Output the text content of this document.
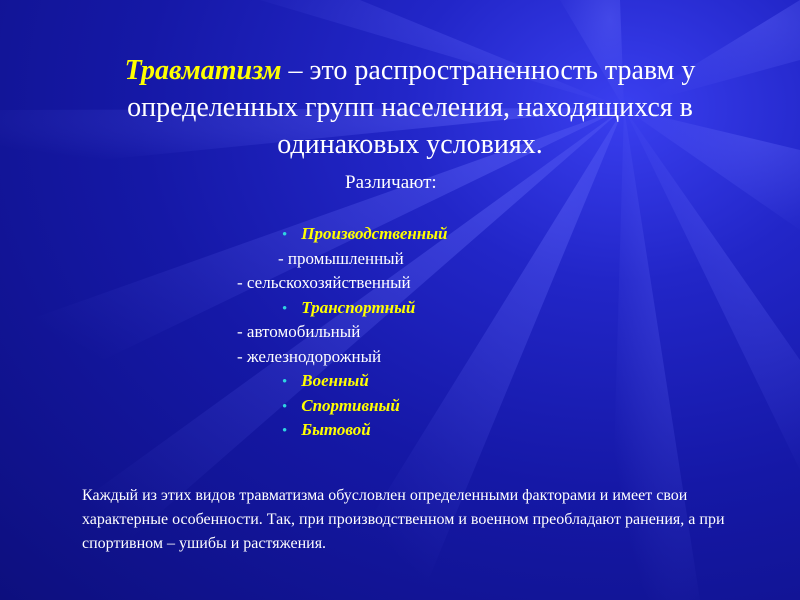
Травматизм – это распространенность травм у определенных групп населения, находящихся в одинаковых условиях.

Различают:

• Производственный
- промышленный
- сельскохозяйственный
• Транспортный
- автомобильный
- железнодорожный
• Военный
• Спортивный
• Бытовой

Каждый из этих видов травматизма обусловлен определенными факторами и имеет свои характерные особенности. Так, при производственном и военном преобладают ранения, а при спортивном – ушибы и растяжения.
